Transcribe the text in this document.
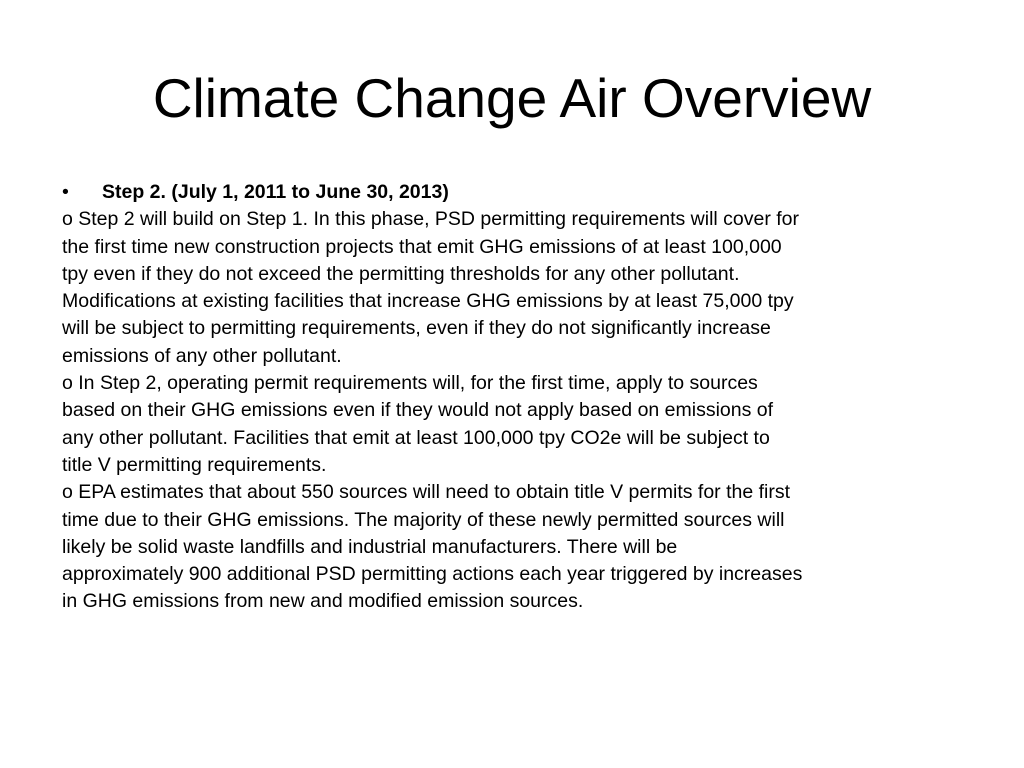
Climate Change Air Overview
• Step 2. (July 1, 2011 to June 30, 2013)

o Step 2 will build on Step 1. In this phase, PSD permitting requirements will cover for
the first time new construction projects that emit GHG emissions of at least 100,000
tpy even if they do not exceed the permitting thresholds for any other pollutant.
Modifications at existing facilities that increase GHG emissions by at least 75,000 tpy
will be subject to permitting requirements, even if they do not significantly increase
emissions of any other pollutant.

o In Step 2, operating permit requirements will, for the first time, apply to sources
based on their GHG emissions even if they would not apply based on emissions of
any other pollutant. Facilities that emit at least 100,000 tpy CO2e will be subject to
title V permitting requirements.

o EPA estimates that about 550 sources will need to obtain title V permits for the first
time due to their GHG emissions. The majority of these newly permitted sources will
likely be solid waste landfills and industrial manufacturers. There will be
approximately 900 additional PSD permitting actions each year triggered by increases
in GHG emissions from new and modified emission sources.
